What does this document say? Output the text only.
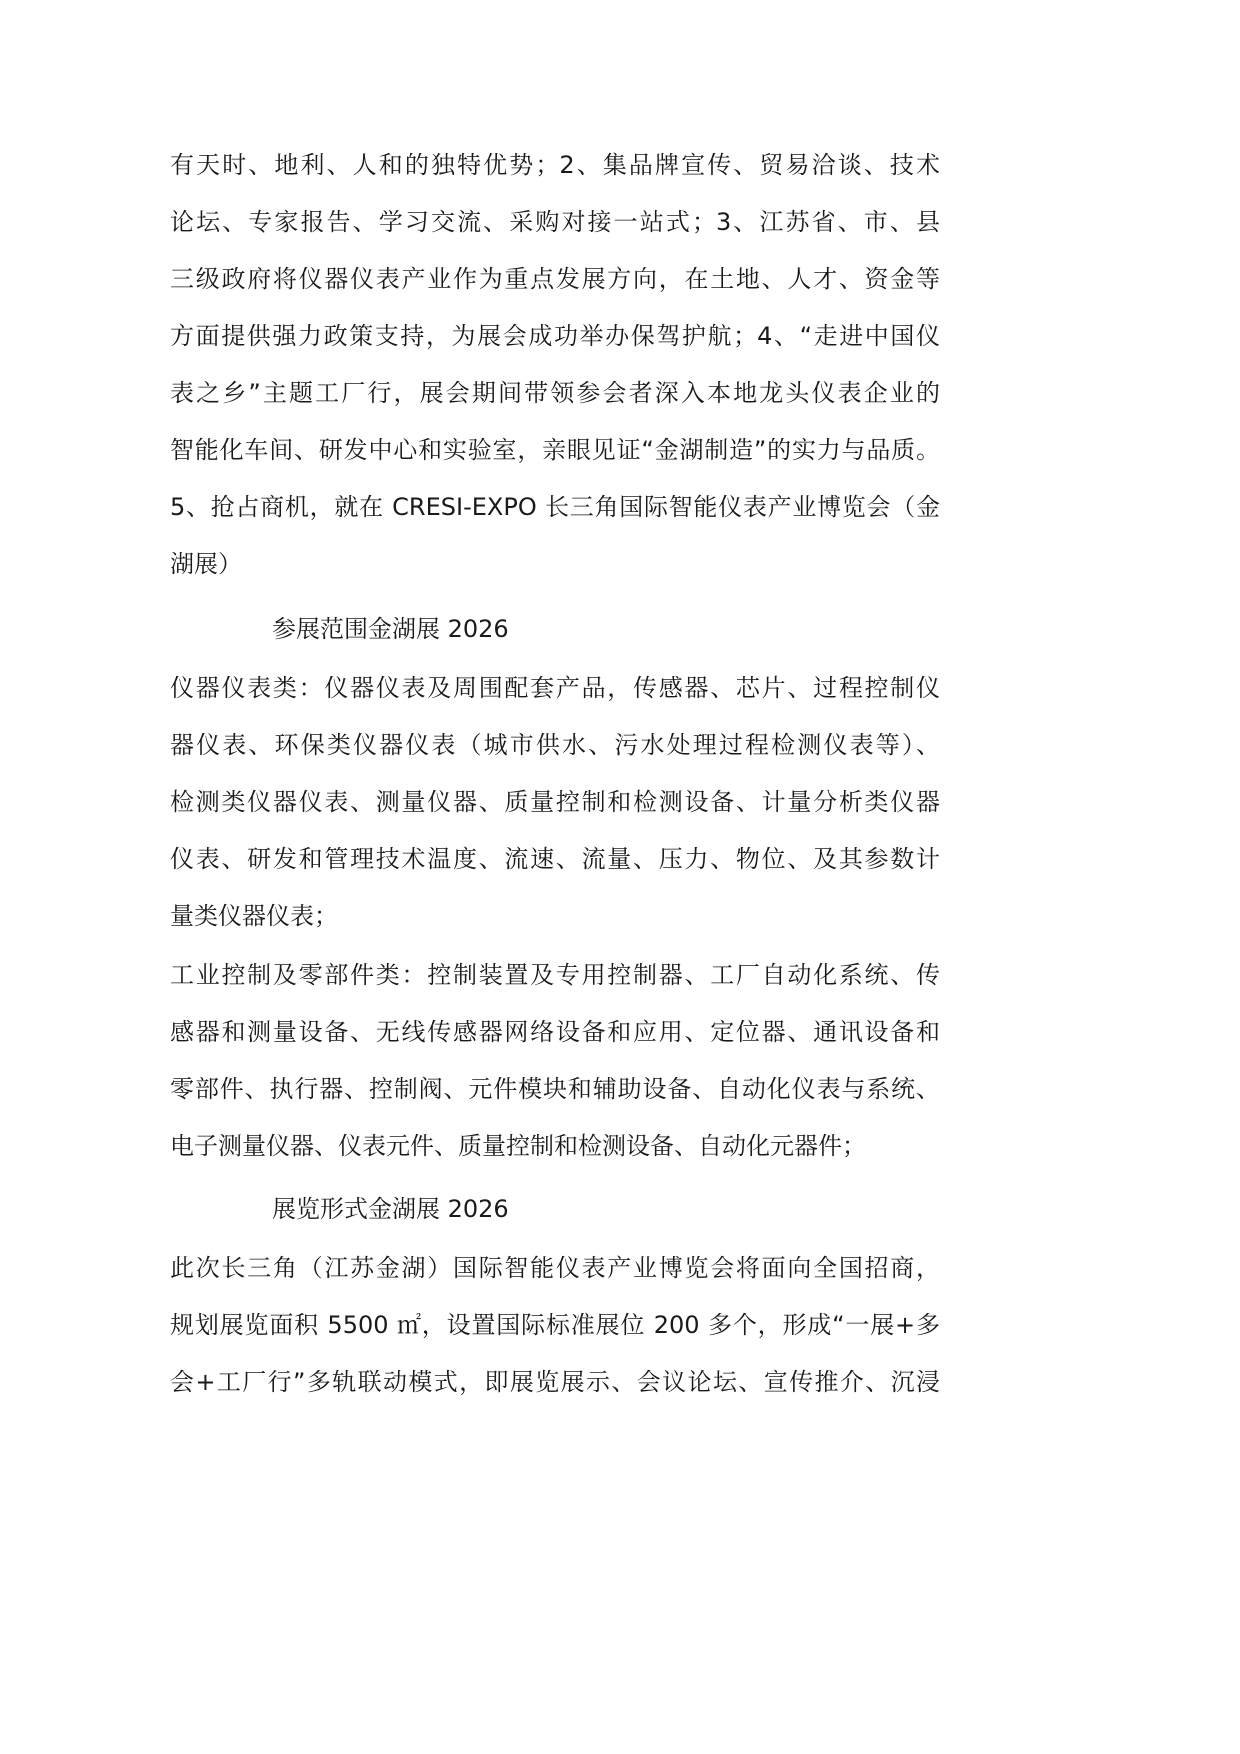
有天时、地利、人和的独特优势；2、集品牌宣传、贸易洽谈、技术
论坛、专家报告、学习交流、采购对接一站式；3、江苏省、市、县
三级政府将仪器仪表产业作为重点发展方向，在土地、人才、资金等
方面提供强力政策支持，为展会成功举办保驾护航；4、“走进中国仪
表之乡”主题工厂行，展会期间带领参会者深入本地龙头仪表企业的
智能化车间、研发中心和实验室，亲眼见证“金湖制造”的实力与品质。
5、抢占商机，就在 CRESI-EXPO 长三角国际智能仪表产业博览会（金
湖展）
参展范围金湖展 2026
仪器仪表类：仪器仪表及周围配套产品，传感器、芯片、过程控制仪
器仪表、环保类仪器仪表（城市供水、污水处理过程检测仪表等）、
检测类仪器仪表、测量仪器、质量控制和检测设备、计量分析类仪器
仪表、研发和管理技术温度、流速、流量、压力、物位、及其参数计
量类仪器仪表；
工业控制及零部件类：控制装置及专用控制器、工厂自动化系统、传
感器和测量设备、无线传感器网络设备和应用、定位器、通讯设备和
零部件、执行器、控制阀、元件模块和辅助设备、自动化仪表与系统、
电子测量仪器、仪表元件、质量控制和检测设备、自动化元器件；
展览形式金湖展 2026
此次长三角（江苏金湖）国际智能仪表产业博览会将面向全国招商，
规划展览面积 5500 ㎡，设置国际标准展位 200 多个，形成“一展+多
会+工厂行”多轨联动模式，即展览展示、会议论坛、宣传推介、沉浸
